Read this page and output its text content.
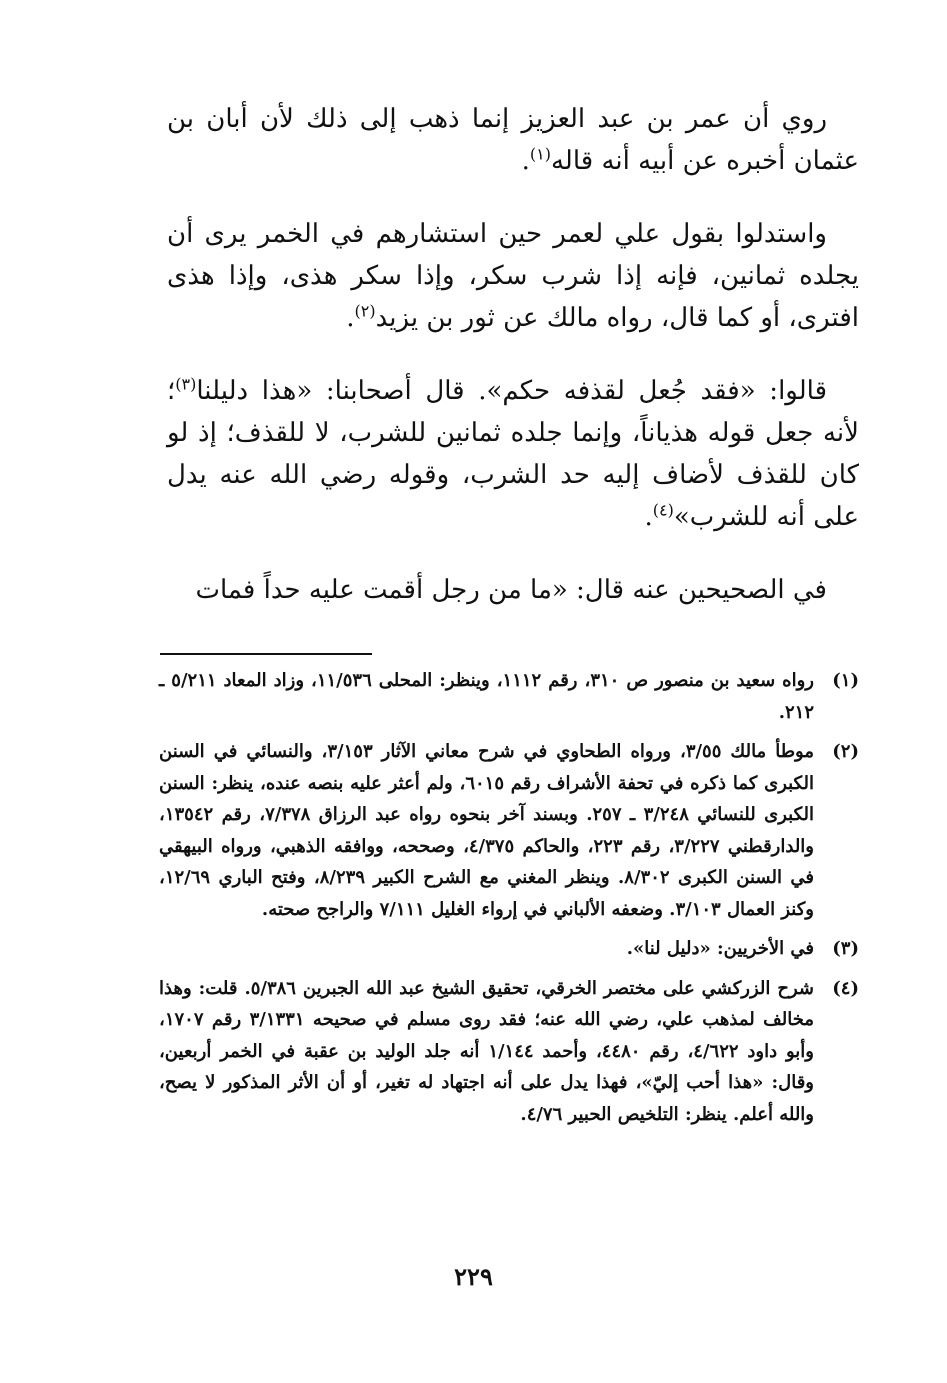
روي أن عمر بن عبد العزيز إنما ذهب إلى ذلك لأن أبان بن عثمان أخبره عن أبيه أنه قاله$^{(١)}$.

واستدلوا بقول علي لعمر حين استشارهم في الخمر يرى أن يجلده ثمانين، فإنه إذا شرب سكر، وإذا سكر هذى، وإذا هذى افترى، أو كما قال، رواه مالك عن ثور بن يزيد$^{(٢)}$.

قالوا: «فقد جُعل لقذفه حكم». قال أصحابنا: «هذا دليلنا$^{(٣)}$؛ لأنه جعل قوله هذياناً، وإنما جلده ثمانين للشرب، لا للقذف؛ إذ لو كان للقذف لأضاف إليه حد الشرب، وقوله رضي الله عنه يدل على أنه للشرب»$^{(٤)}$.

في الصحيحين عنه قال: «ما من رجل أقمت عليه حداً فمات

(١)
رواه سعيد بن منصور ص ٣١٠، رقم ١١١٢، وينظر: المحلى ١١/٥٣٦، وزاد المعاد ٥/٢١١ ـ ٢١٢.

(٢)
موطأ مالك ٣/٥٥، ورواه الطحاوي في شرح معاني الآثار ٣/١٥٣، والنسائي في السنن الكبرى كما ذكره في تحفة الأشراف رقم ٦٠١٥، ولم أعثر عليه بنصه عنده، ينظر: السنن الكبرى للنسائي ٣/٢٤٨ ـ ٢٥٧. وبسند آخر بنحوه رواه عبد الرزاق ٧/٣٧٨، رقم ١٣٥٤٢، والدارقطني ٣/٢٢٧، رقم ٢٢٣، والحاكم ٤/٣٧٥، وصححه، ووافقه الذهبي، ورواه البيهقي في السنن الكبرى ٨/٣٠٢. وينظر المغني مع الشرح الكبير ٨/٢٣٩، وفتح الباري ١٢/٦٩، وكنز العمال ٣/١٠٣. وضعفه الألباني في إرواء الغليل ٧/١١١ والراجح صحته.

(٣)
في الأخريين: «دليل لنا».

(٤)
شرح الزركشي على مختصر الخرقي، تحقيق الشيخ عبد الله الجبرين ٥/٣٨٦. قلت: وهذا مخالف لمذهب علي، رضي الله عنه؛ فقد روى مسلم في صحيحه ٣/١٣٣١ رقم ١٧٠٧، وأبو داود ٤/٦٢٢، رقم ٤٤٨٠، وأحمد ١/١٤٤ أنه جلد الوليد بن عقبة في الخمر أربعين، وقال: «هذا أحب إليّ»، فهذا يدل على أنه اجتهاد له تغير، أو أن الأثر المذكور لا يصح، والله أعلم. ينظر: التلخيص الحبير ٤/٧٦.

٢٢٩
